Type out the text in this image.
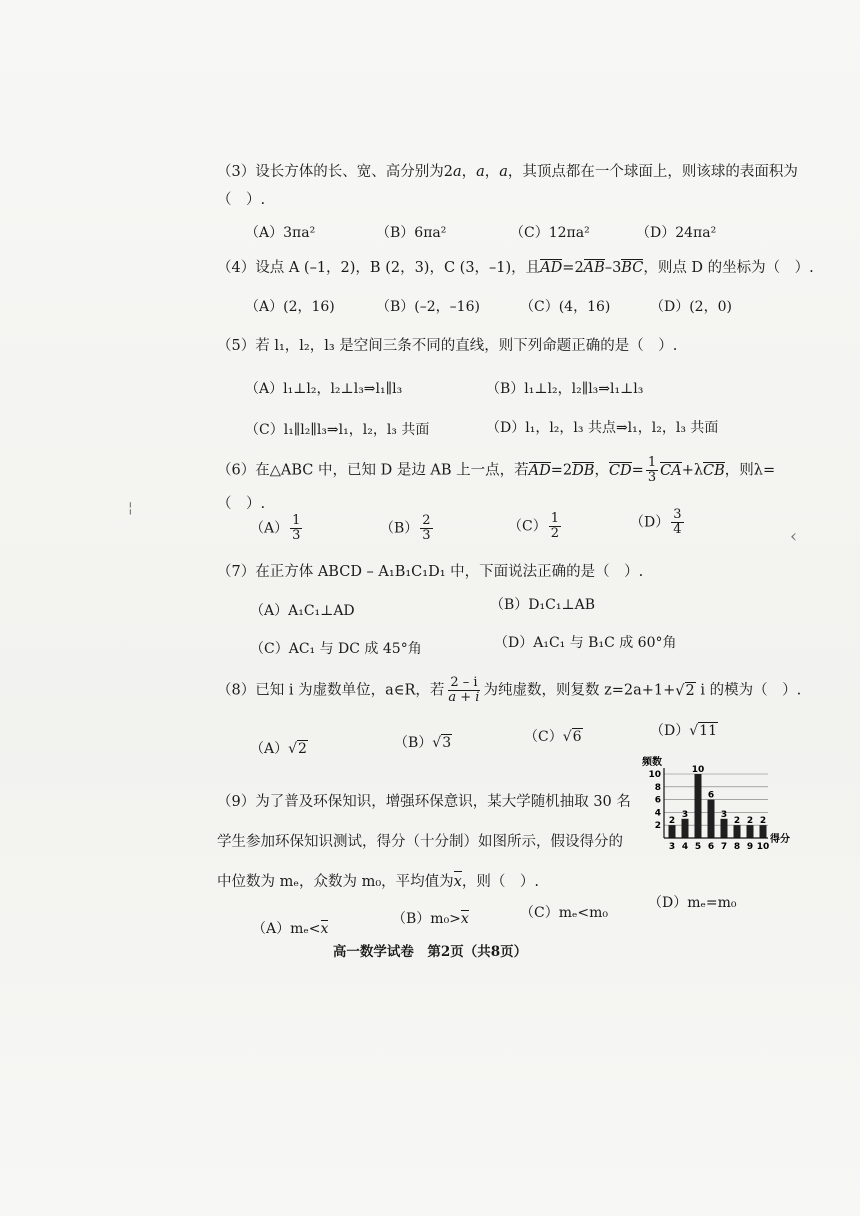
（3）设长方体的长、宽、高分别为2a，a，a，其顶点都在一个球面上，则该球的表面积为
（　）.
（A）3πa²	（B）6πa²	（C）12πa²	（D）24πa²
（4）设点 A (–1，2)，B (2，3)，C (3，–1)，且AD=2AB–3BC，则点 D 的坐标为（　）.
（A）(2，16)	（B）(–2，–16)	（C）(4，16)	（D）(2，0)
（5）若 l₁，l₂，l₃ 是空间三条不同的直线，则下列命题正确的是（　）.
（A）l₁⊥l₂，l₂⊥l₃⇒l₁∥l₃	（B）l₁⊥l₂，l₂∥l₃⇒l₁⊥l₃
（C）l₁∥l₂∥l₃⇒l₁，l₂，l₃ 共面	（D）l₁，l₂，l₃ 共点⇒l₁，l₂，l₃ 共面
（6）在△ABC 中，已知 D 是边 AB 上一点，若AD=2DB，$CD= \frac{1}{3} CA+\lambda CB$，则λ=
（　）.
$(A) \frac{1}{3}$	$(B) \frac{2}{3}$	$(C) \frac{1}{2}$	$(D) \frac{3}{4}$
（7）在正方体 ABCD – A₁B₁C₁D₁ 中，下面说法正确的是（　）.
（A）A₁C₁⊥AD	（B）D₁C₁⊥AB
（C）AC₁ 与 DC 成 45°角	（D）A₁C₁ 与 B₁C 成 60°角
（8）已知 i 为虚数单位，a∈R，若 $\frac{2 - i}{a + i}$ 为纯虚数，则复数 z=2a+1+√2 i 的模为（　）.
（A）√2	（B）√3	（C）√6	（D）√11
（9）为了普及环保知识，增强环保意识，某大学随机抽取 30 名
学生参加环保知识测试，得分（十分制）如图所示，假设得分的
中位数为 mₑ，众数为 m₀，平均值为x，则（　）.
（A）mₑ<x
（B）m₀>x	（C）mₑ<m₀
（D）mₑ=m₀
频数
得分
2
4
6
8
10
3 4 5 6 7 8 9 10
2
3
10
6
3
2 2 2
高一数学试卷　第2页（共8页）
¦
‹
